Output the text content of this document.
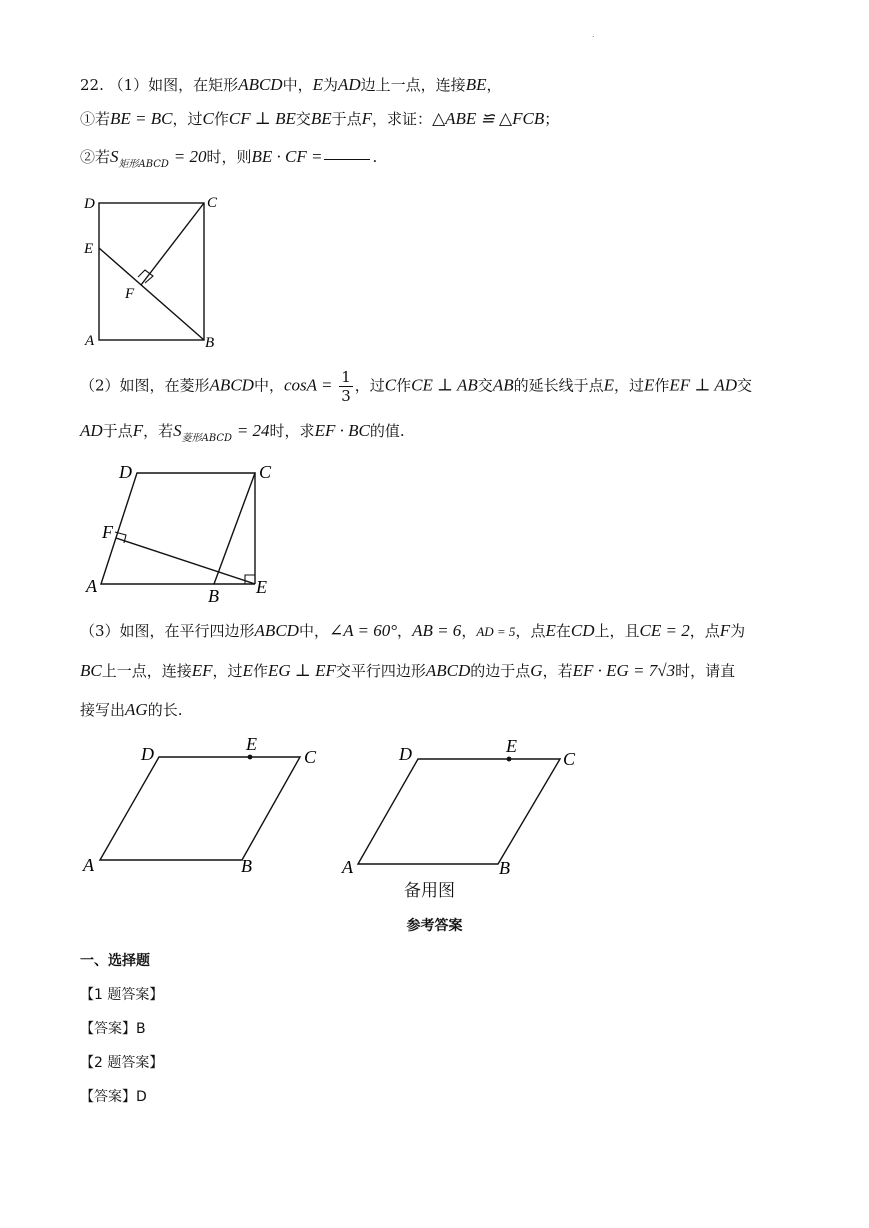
.
22. （1）如图，在矩形ABCD中，E为AD边上一点，连接BE，
①若BE = BC，过C作CF ⊥ BE交BE于点F，求证：△ABE ≌ △FCB；
②若$S_{矩形ABCD} = 20$时，则BE · CF =	.
D	C
E
F
A	B
（2）如图，在菱形ABCD中，$\cos A = \frac{1}{3}$ ，过C作CE ⊥ AB交AB的延长线于点E，过E作EF ⊥ AD交
AD于点F，若$S_{菱形ABCD} = 24$时，求EF · BC的值.
D	C
F
A	B E
（3）如图，在平行四边形ABCD中，∠A = 60°，AB = 6，AD = 5，点E在CD上，且CE = 2，点F为
BC上一点，连接EF，过E作EG ⊥ EF交平行四边形ABCD的边于点G，若EF · EG = 7√3时，请直
接写出AG的长.
D	E
C
A	B
D	E
C
A	B
备用图
参考答案
一、选择题
【1 题答案】
【答案】B
【2 题答案】
【答案】D
